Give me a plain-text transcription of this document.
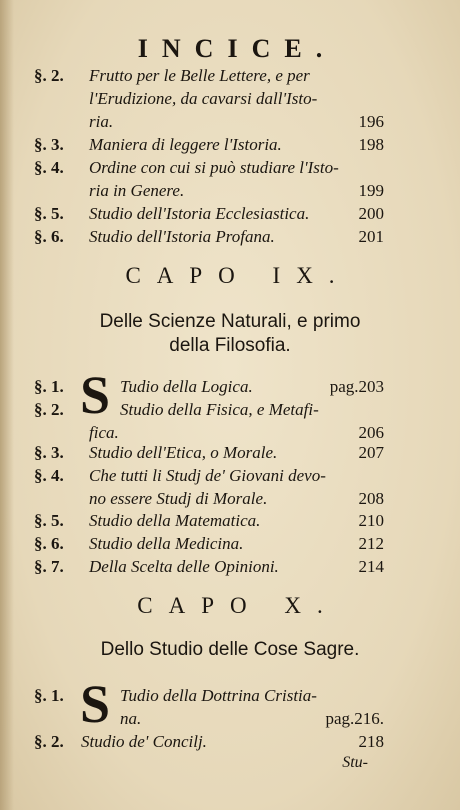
INCICE.
§. 2. Frutto per le Belle Lettere, e per
l'Erudizione, da cavarsi dall'Isto-
ria.	196
§. 3. Maniera di leggere l'Istoria.	198
§. 4. Ordine con cui si può studiare l'Isto-
ria in Genere.	199
§. 5. Studio dell'Istoria Ecclesiastica.	200
§. 6. Studio dell'Istoria Profana.	201
CAPO IX.
Delle Scienze Naturali, e primo
della Filosofia.
§. 1. S Tudio della Logica.	pag.203
§. 2.	Studio della Fisica, e Metafi-
fica.	206
§. 3. Studio dell'Etica, o Morale.	207
§. 4. Che tutti li Studj de' Giovani devo-
no essere Studj di Morale.	208
§. 5. Studio della Matematica.	210
§. 6. Studio della Medicina.	212
§. 7. Della Scelta delle Opinioni.	214
CAPO X.
Dello Studio delle Cose Sagre.
§. 1. S Tudio della Dottrina Cristia-
na.	pag.216.
§. 2. Studio de' Concilj.	218
Stu-
